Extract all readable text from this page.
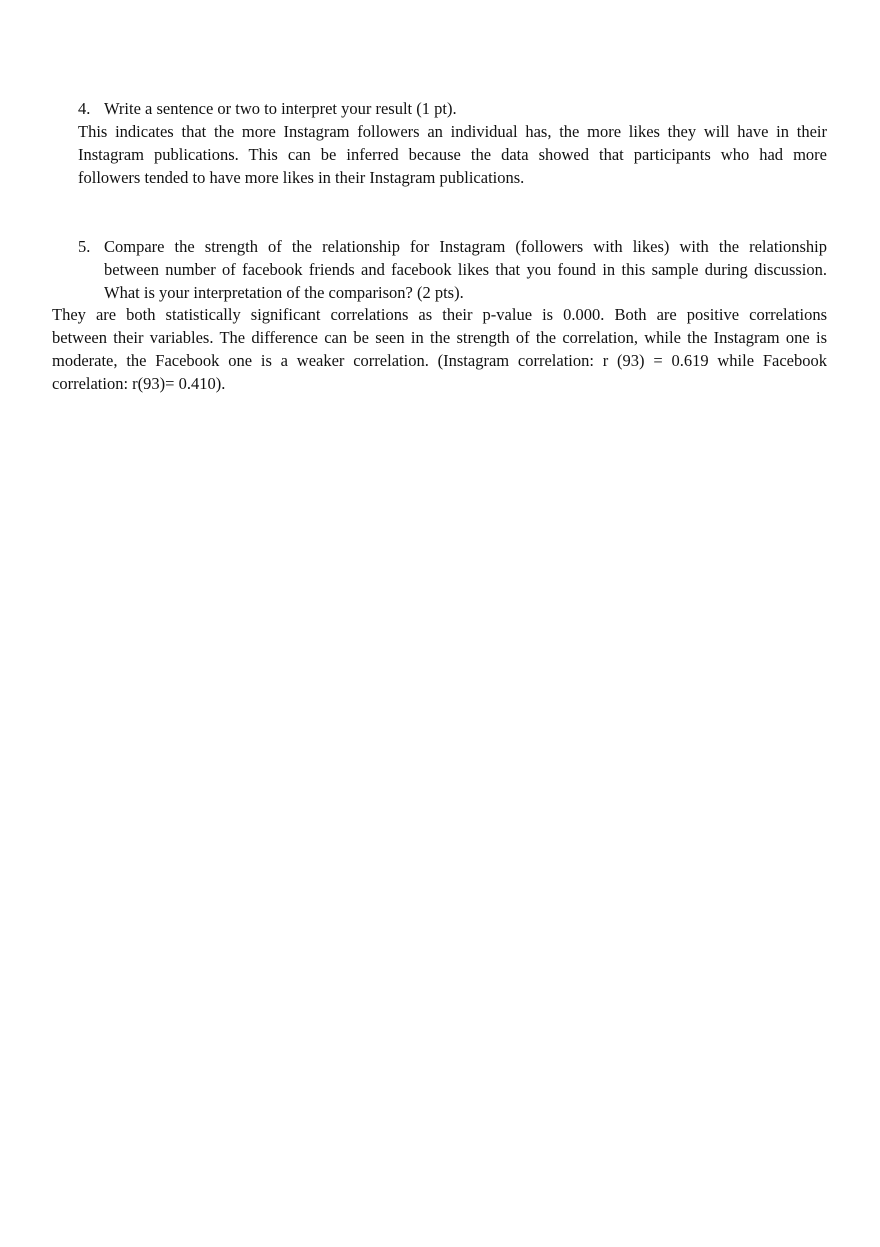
4. Write a sentence or two to interpret your result (1 pt).
This indicates that the more Instagram followers an individual has, the more likes they will have in their
Instagram publications. This can be inferred because the data showed that participants who had more
followers tended to have more likes in their Instagram publications.
5. Compare the strength of the relationship for Instagram (followers with likes) with the relationship
between number of facebook friends and facebook likes that you found in this sample during discussion.
What is your interpretation of the comparison? (2 pts).
They are both statistically significant correlations as their p-value is 0.000. Both are positive correlations
between their variables. The difference can be seen in the strength of the correlation, while the Instagram one is
moderate, the Facebook one is a weaker correlation. (Instagram correlation: r (93) = 0.619 while Facebook
correlation: r(93)= 0.410).
